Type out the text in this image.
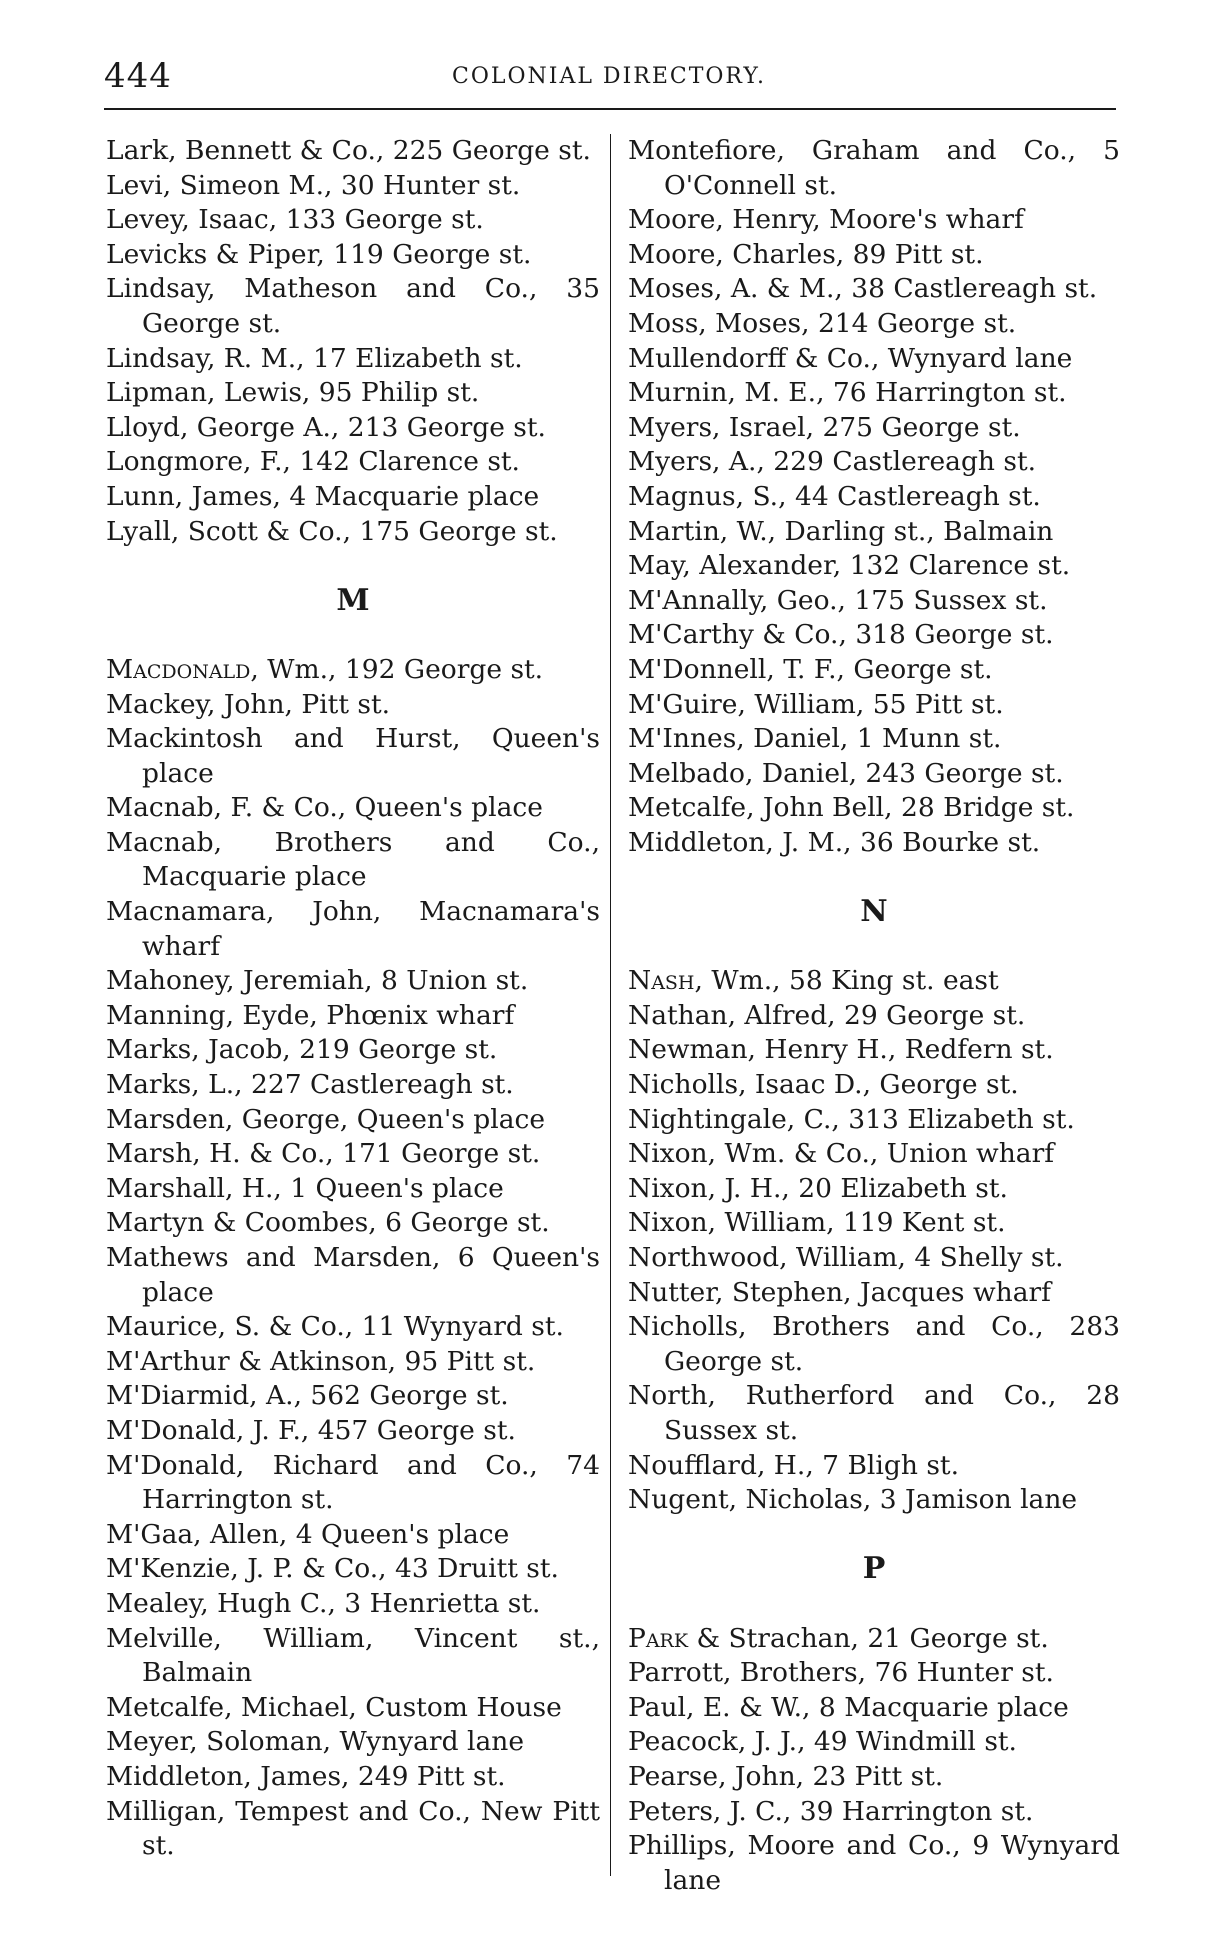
444	COLONIAL DIRECTORY.
Lark, Bennett & Co., 225 George st.
Levi, Simeon M., 30 Hunter st.
Levey, Isaac, 133 George st.
Levicks & Piper, 119 George st.
Lindsay, Matheson and Co., 35 George st.
Lindsay, R. M., 17 Elizabeth st.
Lipman, Lewis, 95 Philip st.
Lloyd, George A., 213 George st.
Longmore, F., 142 Clarence st.
Lunn, James, 4 Macquarie place
Lyall, Scott & Co., 175 George st.
M
Macdonald, Wm., 192 George st.
Mackey, John, Pitt st.
Mackintosh and Hurst, Queen's place
Macnab, F. & Co., Queen's place
Macnab, Brothers and Co., Macquarie place
Macnamara, John, Macnamara's wharf
Mahoney, Jeremiah, 8 Union st.
Manning, Eyde, Phœnix wharf
Marks, Jacob, 219 George st.
Marks, L., 227 Castlereagh st.
Marsden, George, Queen's place
Marsh, H. & Co., 171 George st.
Marshall, H., 1 Queen's place
Martyn & Coombes, 6 George st.
Mathews and Marsden, 6 Queen's place
Maurice, S. & Co., 11 Wynyard st.
M'Arthur & Atkinson, 95 Pitt st.
M'Diarmid, A., 562 George st.
M'Donald, J. F., 457 George st.
M'Donald, Richard and Co., 74 Harrington st.
M'Gaa, Allen, 4 Queen's place
M'Kenzie, J. P. & Co., 43 Druitt st.
Mealey, Hugh C., 3 Henrietta st.
Melville, William, Vincent st., Balmain
Metcalfe, Michael, Custom House
Meyer, Soloman, Wynyard lane
Middleton, James, 249 Pitt st.
Milligan, Tempest and Co., New Pitt st.
Montefiore, Graham and Co., 5 O'Connell st.
Moore, Henry, Moore's wharf
Moore, Charles, 89 Pitt st.
Moses, A. & M., 38 Castlereagh st.
Moss, Moses, 214 George st.
Mullendorff & Co., Wynyard lane
Murnin, M. E., 76 Harrington st.
Myers, Israel, 275 George st.
Myers, A., 229 Castlereagh st.
Magnus, S., 44 Castlereagh st.
Martin, W., Darling st., Balmain
May, Alexander, 132 Clarence st.
M'Annally, Geo., 175 Sussex st.
M'Carthy & Co., 318 George st.
M'Donnell, T. F., George st.
M'Guire, William, 55 Pitt st.
M'Innes, Daniel, 1 Munn st.
Melbado, Daniel, 243 George st.
Metcalfe, John Bell, 28 Bridge st.
Middleton, J. M., 36 Bourke st.
N
Nash, Wm., 58 King st. east
Nathan, Alfred, 29 George st.
Newman, Henry H., Redfern st.
Nicholls, Isaac D., George st.
Nightingale, C., 313 Elizabeth st.
Nixon, Wm. & Co., Union wharf
Nixon, J. H., 20 Elizabeth st.
Nixon, William, 119 Kent st.
Northwood, William, 4 Shelly st.
Nutter, Stephen, Jacques wharf
Nicholls, Brothers and Co., 283 George st.
North, Rutherford and Co., 28 Sussex st.
Noufflard, H., 7 Bligh st.
Nugent, Nicholas, 3 Jamison lane
P
Park & Strachan, 21 George st.
Parrott, Brothers, 76 Hunter st.
Paul, E. & W., 8 Macquarie place
Peacock, J. J., 49 Windmill st.
Pearse, John, 23 Pitt st.
Peters, J. C., 39 Harrington st.
Phillips, Moore and Co., 9 Wynyard lane
